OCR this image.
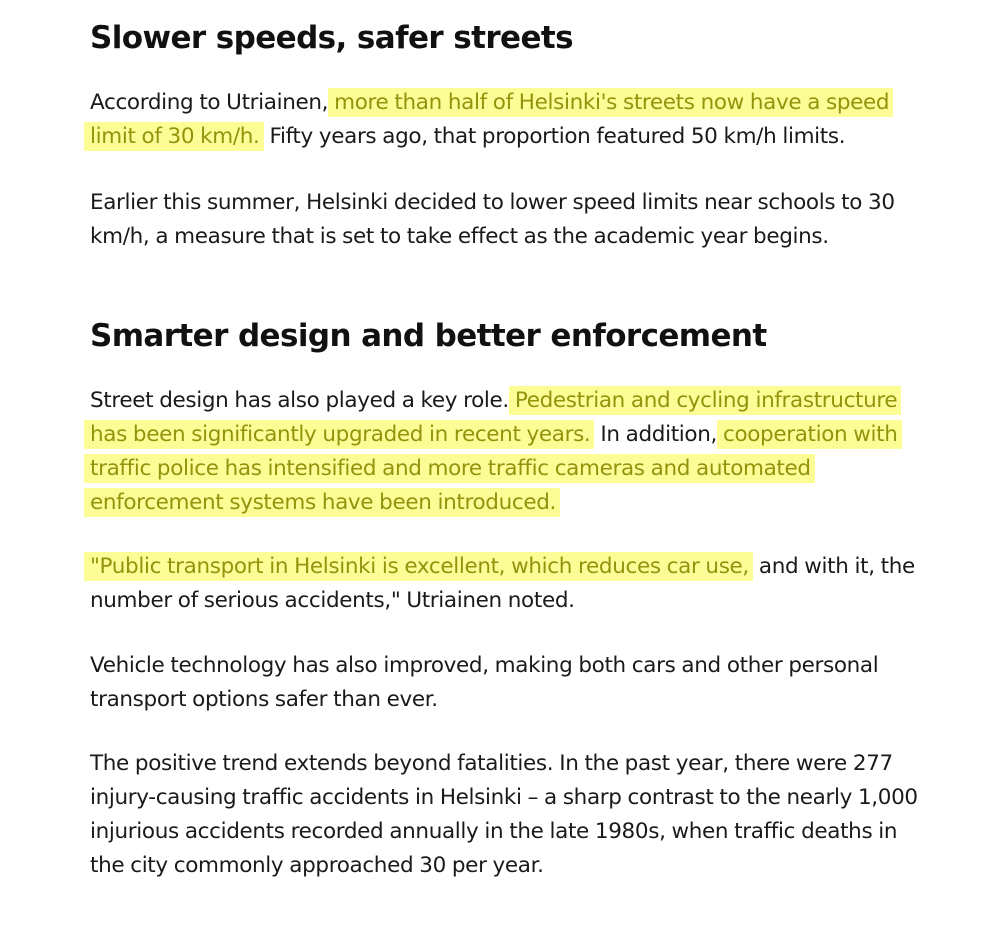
Slower speeds, safer streets

According to Utriainen, more than half of Helsinki's streets now have a speed limit of 30 km/h. Fifty years ago, that proportion featured 50 km/h limits.

Earlier this summer, Helsinki decided to lower speed limits near schools to 30 km/h, a measure that is set to take effect as the academic year begins.

Smarter design and better enforcement

Street design has also played a key role. Pedestrian and cycling infrastructure has been significantly upgraded in recent years. In addition, cooperation with traffic police has intensified and more traffic cameras and automated enforcement systems have been introduced.

"Public transport in Helsinki is excellent, which reduces car use, and with it, the number of serious accidents," Utriainen noted.

Vehicle technology has also improved, making both cars and other personal transport options safer than ever.

The positive trend extends beyond fatalities. In the past year, there were 277 injury-causing traffic accidents in Helsinki – a sharp contrast to the nearly 1,000 injurious accidents recorded annually in the late 1980s, when traffic deaths in the city commonly approached 30 per year.
